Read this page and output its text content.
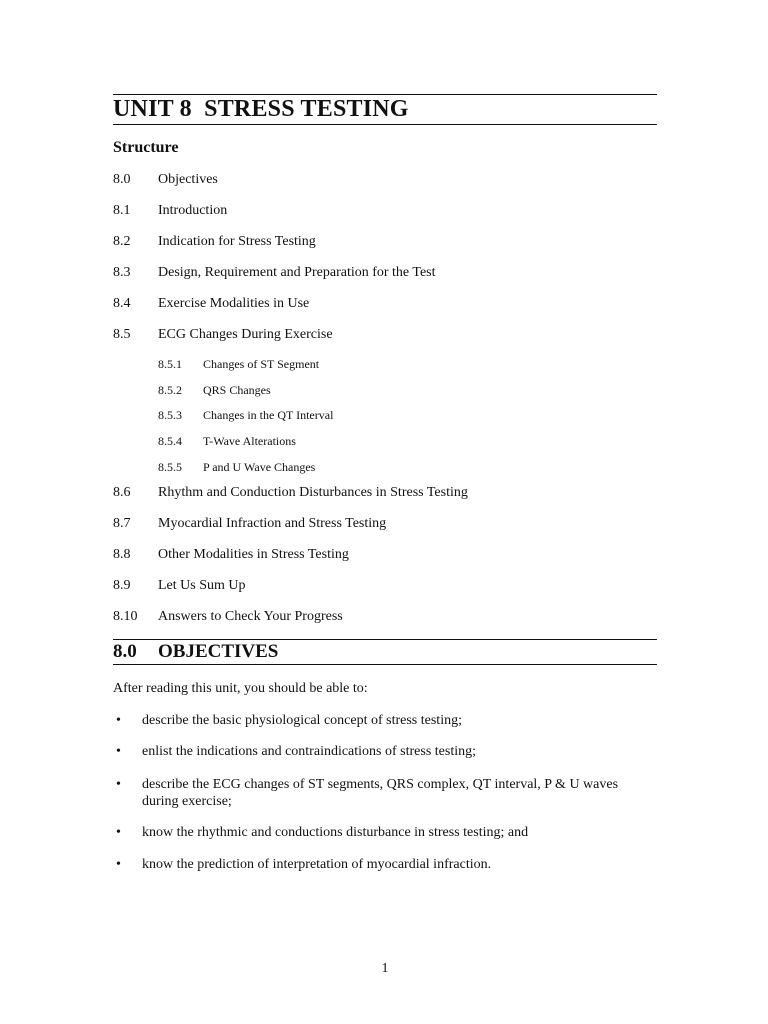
UNIT 8  STRESS TESTING
Structure
8.0 Objectives
8.1 Introduction
8.2 Indication for Stress Testing
8.3 Design, Requirement and Preparation for the Test
8.4 Exercise Modalities in Use
8.5 ECG Changes During Exercise
8.5.1 Changes of ST Segment
8.5.2 QRS Changes
8.5.3 Changes in the QT Interval
8.5.4 T-Wave Alterations
8.5.5 P and U Wave Changes
8.6 Rhythm and Conduction Disturbances in Stress Testing
8.7 Myocardial Infraction and Stress Testing
8.8 Other Modalities in Stress Testing
8.9 Let Us Sum Up
8.10 Answers to Check Your Progress
8.0 OBJECTIVES
After reading this unit, you should be able to:
• describe the basic physiological concept of stress testing;
• enlist the indications and contraindications of stress testing;
• describe the ECG changes of ST segments, QRS complex, QT interval, P & U waves during exercise;
• know the rhythmic and conductions disturbance in stress testing; and
• know the prediction of interpretation of myocardial infraction.
1
